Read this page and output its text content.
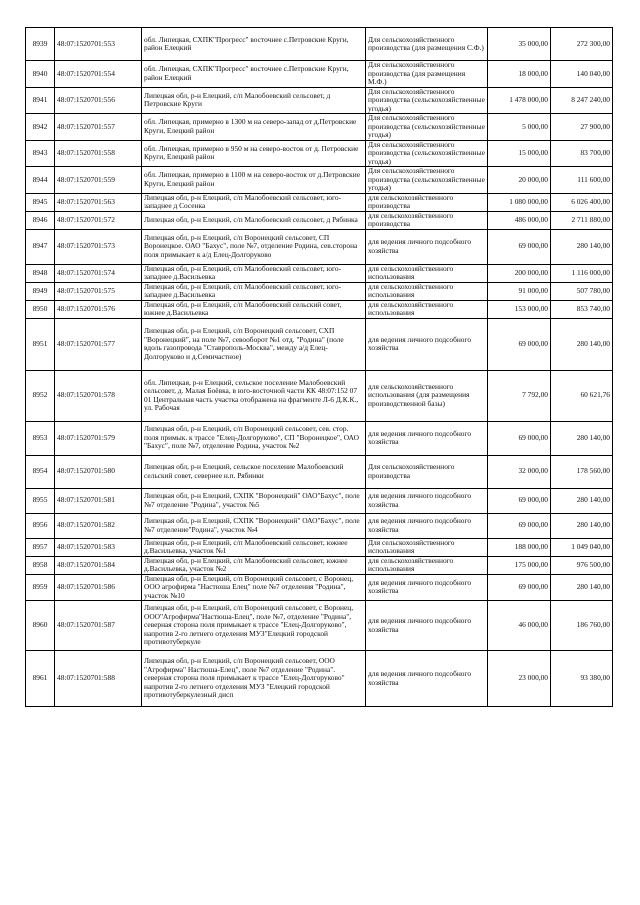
8939	48:07:1520701:553	обл. Липецкая, СХПК"Прогресс" восточнее с.Петровские Круги, район Елецкий	Для сельскохозяйственного производства (для размещения С.Ф.)	35 000,00	272 300,00
8940	48:07:1520701:554	обл. Липецкая, СХПК"Прогресс" восточнее с.Петровские Круги, район Елецкий	Для сельскохозяйственного производства (для размещения М.Ф.)	18 000,00	140 040,00
8941	48:07:1520701:556	Липецкая обл, р-н Елецкий, с/п Малобоевский сельсовет, д Петровские Круги	Для сельскохозяйственного производства (сельскохозяйственные угодья)	1 478 000,00	8 247 240,00
8942	48:07:1520701:557	обл. Липецкая, примерно в 1300 м на северо-запад от д.Петровские Круги, Елецкий район	Для сельскохозяйственного производства (сельскохозяйственные угодья)	5 000,00	27 900,00
8943	48:07:1520701:558	обл. Липецкая, примерно в 950 м на северо-восток от д. Петровские Круги, Елецкий район	Для сельскохозяйственного производства (сельскохозяйственные угодья)	15 000,00	83 700,00
8944	48:07:1520701:559	обл. Липецкая, примерно в 1100 м на северо-восток от д.Петровские Круги, Елецкий район	Для сельскохозяйственного производства (сельскохозяйственные угодья)	20 000,00	111 600,00
8945	48:07:1520701:563	Липецкая обл, р-н Елецкий, с/п Малобоевский сельсовет, юго-западнее д Сосенка	для сельскохозяйственного производства	1 080 000,00	6 026 400,00
8946	48:07:1520701:572	Липецкая обл, р-н Елецкий, с/п Малобоевский сельсовет, д Рябинка	для сельскохозяйственного производства	486 000,00	2 711 880,00
8947	48:07:1520701:573	Липецкая обл, р-н Елецкий, с/п Воронецкий сельсовет, СП Воронецкое. ОАО "Бахус", поле №7, отделение Родина, сев.сторона поля примыкает к а/д Елец-Долгоруково	для ведения личного подсобного хозяйства	69 000,00	280 140,00
8948	48:07:1520701:574	Липецкая обл, р-н Елецкий, с/п Малобоевский сельсовет, юго-западнее д.Васильевка	для сельскохозяйственного использования	200 000,00	1 116 000,00
8949	48:07:1520701:575	Липецкая обл, р-н Елецкий, с/п Малобоевский сельсовет, юго-западнее д.Васильевка	для сельскохозяйственного использования	91 000,00	507 780,00
8950	48:07:1520701:576	Липецкая обл, р-н Елецкий, с/п Малобоевский сельский совет, южнее д.Васильевка	для сельскохозяйственного использования	153 000,00	853 740,00
8951	48:07:1520701:577	Липецкая обл, р-н Елецкий, с/п Воронецкий сельсовет, СХП "Воронецкий", на поле №7, севооборот №1 отд. "Родина" (поле вдоль газопровода "Ставрополь-Москва", между а/д Елец-Долгоруково и д.Семичастное)	для ведения личного подсобного хозяйства	69 000,00	280 140,00
8952	48:07:1520701:578	обл. Липецкая, р-н Елецкий, сельское поселение Малобоевский сельсовет, д. Малая Боёвка, в юго-восточной части КК 48:07:152 07 01 Центральная часть участка отображена на фрагменте Л-6 Д.К.К., ул. Рабочая	для сельскохозяйственного использования (для размещения производственной базы)	7 792,00	60 621,76
8953	48:07:1520701:579	Липецкая обл, р-н Елецкий, с/п Воронецкий сельсовет, сев. стор. поля примык. к трассе "Елец-Долгоруково", СП "Воронецкое", ОАО "Бахус", поле №7, отделение Родина, участок №2	для ведения личного подсобного хозяйства	69 000,00	280 140,00
8954	48:07:1520701:580	Липецкая обл, р-н Елецкий, сельское поселение Малобоевский сельский совет, севернее н.п. Рябинки	Для сельскохозяйственного производства	32 000,00	178 560,00
8955	48:07:1520701:581	Липецкая обл, р-н Елецкий, СХПК "Воронецкий" ОАО"Бахус", поле №7 отделение "Родина", участок №5	для ведения личного подсобного хозяйства	69 000,00	280 140,00
8956	48:07:1520701:582	Липецкая обл, р-н Елецкий, СХПК "Воронецкий" ОАО"Бахус", поле №7 отделение"Родина", участок №4	для ведения личного подсобного хозяйства	69 000,00	280 140,00
8957	48:07:1520701:583	Липецкая обл, р-н Елецкий, с/п Малобоевский сельсовет, южнее д.Васильевка, участок №1	Для сельскохозяйственного использования	188 000,00	1 049 040,00
8958	48:07:1520701:584	Липецкая обл, р-н Елецкий, с/п Малобоевский сельсовет, южнее д.Васильевка, участок №2	для сельскохозяйственного использования	175 000,00	976 500,00
8959	48:07:1520701:586	Липецкая обл, р-н Елецкий, с/п Воронецкий сельсовет, с Воронец, ООО агрофирма "Настюша Елец" поле №7 отделения "Родина", участок №10	для ведения личного подсобного хозяйства	69 000,00	280 140,00
8960	48:07:1520701:587	Липецкая обл, р-н Елецкий, с/п Воронецкий сельсовет, с Воронец, ООО"Агрофирма"Настюша-Елец", поле №7, отделение "Родина", северная сторона поля примыкает к трассе "Елец-Долгоруково", напротив 2-го летнего отделения МУЗ"Елецкий городской противотуберкуле	для ведения личного подсобного хозяйства	46 000,00	186 760,00
8961	48:07:1520701:588	Липецкая обл, р-н Елецкий, с/п Воронецкий сельсовет, ООО "Агрофирма" Настюша-Елец", поле №7 отделение "Родина". северная сторона поля примыкает к трассе "Елец-Долгоруково" напротив 2-го летнего отделения МУЗ "Елецкий городской противотуберкулезный дисп	для ведения личного подсобного хозяйства	23 000,00	93 380,00
